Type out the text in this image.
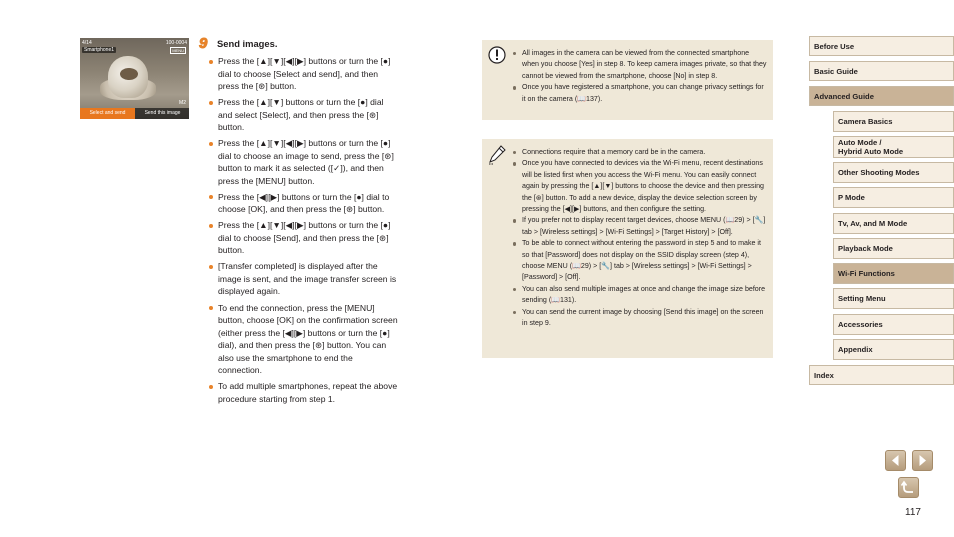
4/14
Smartphone1
100-0004
MENU
M2
Select and send	Send this image
9 Send images.
Press the [▲][▼][◀][▶] buttons or turn the [●] dial to choose [Select and send], and then press the [⊛] button.
Press the [▲][▼] buttons or turn the [●] dial and select [Select], and then press the [⊛] button.
Press the [▲][▼][◀][▶] buttons or turn the [●] dial to choose an image to send, press the [⊛] button to mark it as selected ([✓]), and then press the [MENU] button.
Press the [◀][▶] buttons or turn the [●] dial to choose [OK], and then press the [⊛] button.
Press the [▲][▼][◀][▶] buttons or turn the [●] dial to choose [Send], and then press the [⊛] button.
[Transfer completed] is displayed after the image is sent, and the image transfer screen is displayed again.
To end the connection, press the [MENU] button, choose [OK] on the confirmation screen (either press the [◀][▶] buttons or turn the [●] dial), and then press the [⊛] button. You can also use the smartphone to end the connection.
To add multiple smartphones, repeat the above procedure starting from step 1.
All images in the camera can be viewed from the connected smartphone when you choose [Yes] in step 8. To keep camera images private, so that they cannot be viewed from the smartphone, choose [No] in step 8.
Once you have registered a smartphone, you can change privacy settings for it on the camera (📖137).
Connections require that a memory card be in the camera.
Once you have connected to devices via the Wi-Fi menu, recent destinations will be listed first when you access the Wi-Fi menu. You can easily connect again by pressing the [▲][▼] buttons to choose the device and then pressing the [⊛] button. To add a new device, display the device selection screen by pressing the [◀][▶] buttons, and then configure the setting.
If you prefer not to display recent target devices, choose MENU (📖29) > [🔧] tab > [Wireless settings] > [Wi-Fi Settings] > [Target History] > [Off].
To be able to connect without entering the password in step 5 and to make it so that [Password] does not display on the SSID display screen (step 4), choose MENU (📖29) > [🔧] tab > [Wireless settings] > [Wi-Fi Settings] > [Password] > [Off].
You can also send multiple images at once and change the image size before sending (📖131).
You can send the current image by choosing [Send this image] on the screen in step 9.
Before Use
Basic Guide
Advanced Guide
Camera Basics
Auto Mode /
Hybrid Auto Mode
Other Shooting Modes
P Mode
Tv, Av, and M Mode
Playback Mode
Wi-Fi Functions
Setting Menu
Accessories
Appendix
Index
117
